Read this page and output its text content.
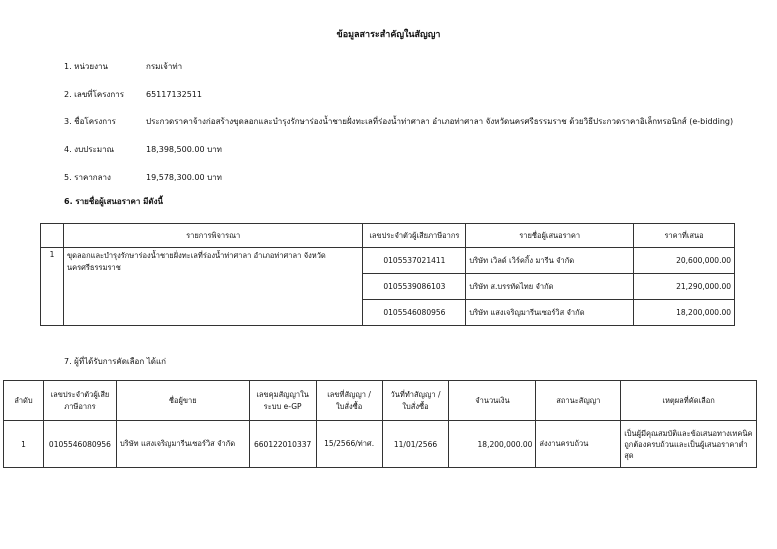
ข้อมูลสาระสำคัญในสัญญา
1. หน่วยงาน	กรมเจ้าท่า
2. เลขที่โครงการ	65117132511
3. ชื่อโครงการ	ประกวดราคาจ้างก่อสร้างขุดลอกและบำรุงรักษาร่องน้ำชายฝั่งทะเลที่ร่องน้ำท่าศาลา อำเภอท่าศาลา จังหวัดนครศรีธรรมราช ด้วยวิธีประกวดราคาอิเล็กทรอนิกส์ (e-bidding)
4. งบประมาณ	18,398,500.00 บาท
5. ราคากลาง	19,578,300.00 บาท
6. รายชื่อผู้เสนอราคา มีดังนี้
	รายการพิจารณา	เลขประจำตัวผู้เสียภาษีอากร	รายชื่อผู้เสนอราคา	ราคาที่เสนอ
1	ขุดลอกและบำรุงรักษาร่องน้ำชายฝั่งทะเลที่ร่องน้ำท่าศาลา อำเภอท่าศาลา จังหวัดนครศรีธรรมราช	0105537021411	บริษัท เวิลด์ เวิร์คกิ้ง มารีน จำกัด	20,600,000.00
		0105539086103	บริษัท ส.บรรทัดไทย จำกัด	21,290,000.00
		0105546080956	บริษัท แสงเจริญมารีนเซอร์วิส จำกัด	18,200,000.00
7. ผู้ที่ได้รับการคัดเลือก ได้แก่
ลำดับ	เลขประจำตัวผู้เสียภาษีอากร	ชื่อผู้ขาย	เลขคุมสัญญาในระบบ e-GP	เลขที่สัญญา / ใบสั่งซื้อ	วันที่ทำสัญญา / ใบสั่งซื้อ	จำนวนเงิน	สถานะสัญญา	เหตุผลที่คัดเลือก
1	0105546080956	บริษัท แสงเจริญมารีนเซอร์วิส จำกัด	660122010337	15/2566/ท่าศ.	11/01/2566	18,200,000.00	ส่งงานครบถ้วน	เป็นผู้มีคุณสมบัติและข้อเสนอทางเทคนิคถูกต้องครบถ้วนและเป็นผู้เสนอราคาต่ำสุด
